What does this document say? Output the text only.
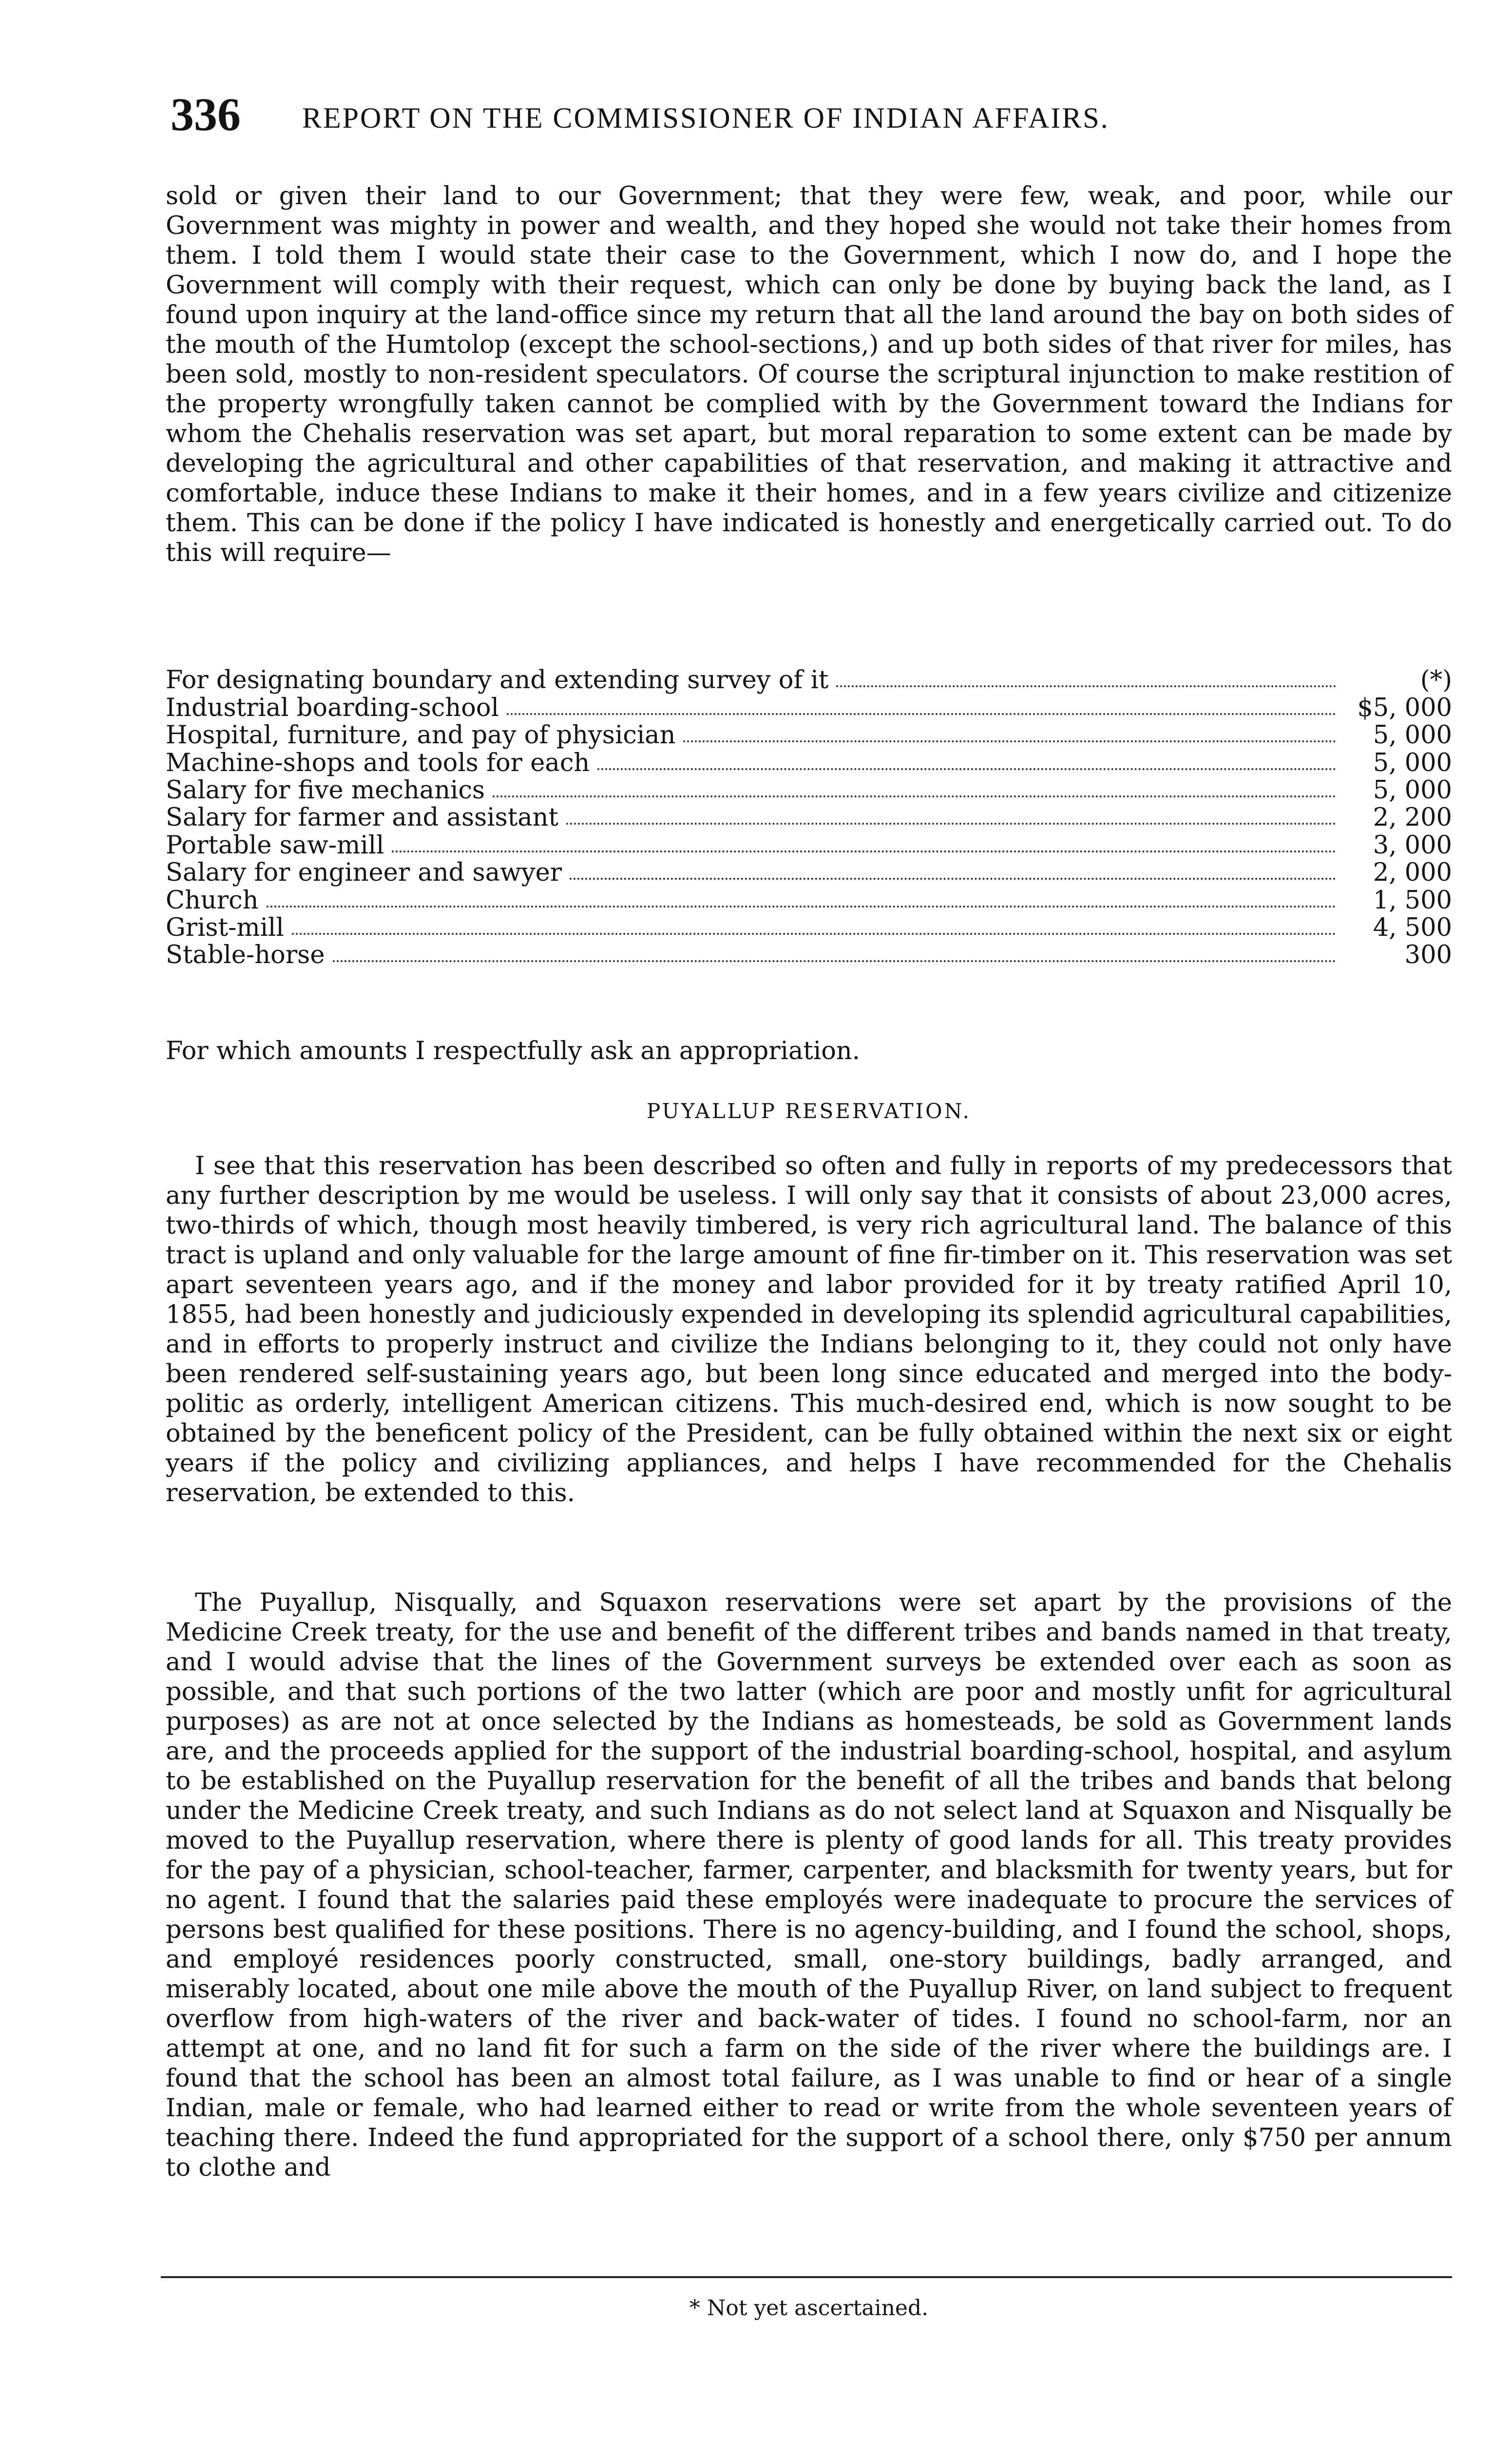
336 REPORT ON THE COMMISSIONER OF INDIAN AFFAIRS.

sold or given their land to our Government; that they were few, weak, and poor, while our Government was mighty in power and wealth, and they hoped she would not take their homes from them. I told them I would state their case to the Government, which I now do, and I hope the Government will comply with their request, which can only be done by buying back the land, as I found upon inquiry at the land-office since my return that all the land around the bay on both sides of the mouth of the Humtolop (except the school-sections,) and up both sides of that river for miles, has been sold, mostly to non-resident speculators. Of course the scriptural injunction to make restition of the property wrongfully taken cannot be complied with by the Government toward the Indians for whom the Chehalis reservation was set apart, but moral reparation to some extent can be made by developing the agricultural and other capabilities of that reservation, and making it attractive and comfortable, induce these Indians to make it their homes, and in a few years civilize and citizenize them. This can be done if the policy I have indicated is honestly and energetically carried out. To do this will require—

For designating boundary and extending survey of it	(*)
Industrial boarding-school	$5, 000
Hospital, furniture, and pay of physician	5, 000
Machine-shops and tools for each	5, 000
Salary for five mechanics	5, 000
Salary for farmer and assistant	2, 200
Portable saw-mill	3, 000
Salary for engineer and sawyer	2, 000
Church	1, 500
Grist-mill	4, 500
Stable-horse	300

For which amounts I respectfully ask an appropriation.

PUYALLUP RESERVATION.

I see that this reservation has been described so often and fully in reports of my predecessors that any further description by me would be useless. I will only say that it consists of about 23,000 acres, two-thirds of which, though most heavily timbered, is very rich agricultural land. The balance of this tract is upland and only valuable for the large amount of fine fir-timber on it. This reservation was set apart seventeen years ago, and if the money and labor provided for it by treaty ratified April 10, 1855, had been honestly and judiciously expended in developing its splendid agricultural capabilities, and in efforts to properly instruct and civilize the Indians belonging to it, they could not only have been rendered self-sustaining years ago, but been long since educated and merged into the body-politic as orderly, intelligent American citizens. This much-desired end, which is now sought to be obtained by the beneficent policy of the President, can be fully obtained within the next six or eight years if the policy and civilizing appliances, and helps I have recommended for the Chehalis reservation, be extended to this.

The Puyallup, Nisqually, and Squaxon reservations were set apart by the provisions of the Medicine Creek treaty, for the use and benefit of the different tribes and bands named in that treaty, and I would advise that the lines of the Government surveys be extended over each as soon as possible, and that such portions of the two latter (which are poor and mostly unfit for agricultural purposes) as are not at once selected by the Indians as homesteads, be sold as Government lands are, and the proceeds applied for the support of the industrial boarding-school, hospital, and asylum to be established on the Puyallup reservation for the benefit of all the tribes and bands that belong under the Medicine Creek treaty, and such Indians as do not select land at Squaxon and Nisqually be moved to the Puyallup reservation, where there is plenty of good lands for all. This treaty provides for the pay of a physician, school-teacher, farmer, carpenter, and blacksmith for twenty years, but for no agent. I found that the salaries paid these employés were inadequate to procure the services of persons best qualified for these positions. There is no agency-building, and I found the school, shops, and employé residences poorly constructed, small, one-story buildings, badly arranged, and miserably located, about one mile above the mouth of the Puyallup River, on land subject to frequent overflow from high-waters of the river and back-water of tides. I found no school-farm, nor an attempt at one, and no land fit for such a farm on the side of the river where the buildings are. I found that the school has been an almost total failure, as I was unable to find or hear of a single Indian, male or female, who had learned either to read or write from the whole seventeen years of teaching there. Indeed the fund appropriated for the support of a school there, only $750 per annum to clothe and

* Not yet ascertained.
